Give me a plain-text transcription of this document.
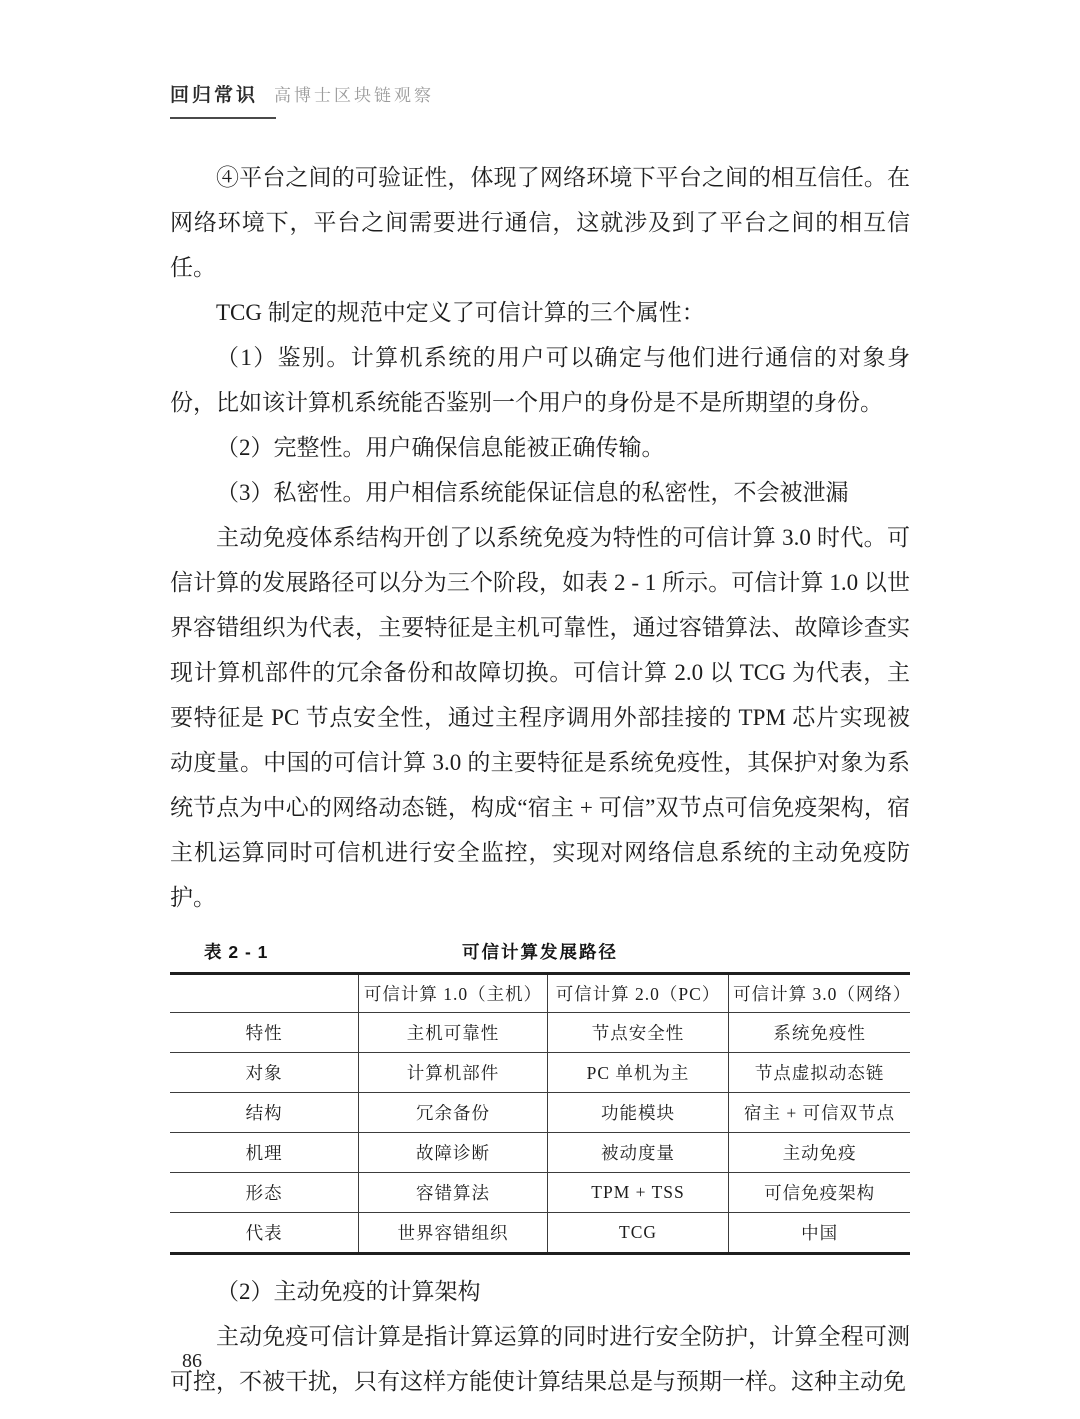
回归常识 高博士区块链观察

④平台之间的可验证性，体现了网络环境下平台之间的相互信任。在网络环境下，平台之间需要进行通信，这就涉及到了平台之间的相互信任。

TCG 制定的规范中定义了可信计算的三个属性：

（1）鉴别。计算机系统的用户可以确定与他们进行通信的对象身份，比如该计算机系统能否鉴别一个用户的身份是不是所期望的身份。

（2）完整性。用户确保信息能被正确传输。

（3）私密性。用户相信系统能保证信息的私密性，不会被泄漏

主动免疫体系结构开创了以系统免疫为特性的可信计算 3.0 时代。可信计算的发展路径可以分为三个阶段，如表 2 - 1 所示。可信计算 1.0 以世界容错组织为代表，主要特征是主机可靠性，通过容错算法、故障诊查实现计算机部件的冗余备份和故障切换。可信计算 2.0 以 TCG 为代表，主要特征是 PC 节点安全性，通过主程序调用外部挂接的 TPM 芯片实现被动度量。中国的可信计算 3.0 的主要特征是系统免疫性，其保护对象为系统节点为中心的网络动态链，构成“宿主 + 可信”双节点可信免疫架构，宿主机运算同时可信机进行安全监控，实现对网络信息系统的主动免疫防护。

表 2 - 1	可信计算发展路径
	可信计算 1.0（主机）	可信计算 2.0（PC）	可信计算 3.0（网络）
特性	主机可靠性	节点安全性	系统免疫性
对象	计算机部件	PC 单机为主	节点虚拟动态链
结构	冗余备份	功能模块	宿主 + 可信双节点
机理	故障诊断	被动度量	主动免疫
形态	容错算法	TPM + TSS	可信免疫架构
代表	世界容错组织	TCG	中国

（2）主动免疫的计算架构

主动免疫可信计算是指计算运算的同时进行安全防护，计算全程可测可控，不被干扰，只有这样方能使计算结果总是与预期一样。这种主动免

86
